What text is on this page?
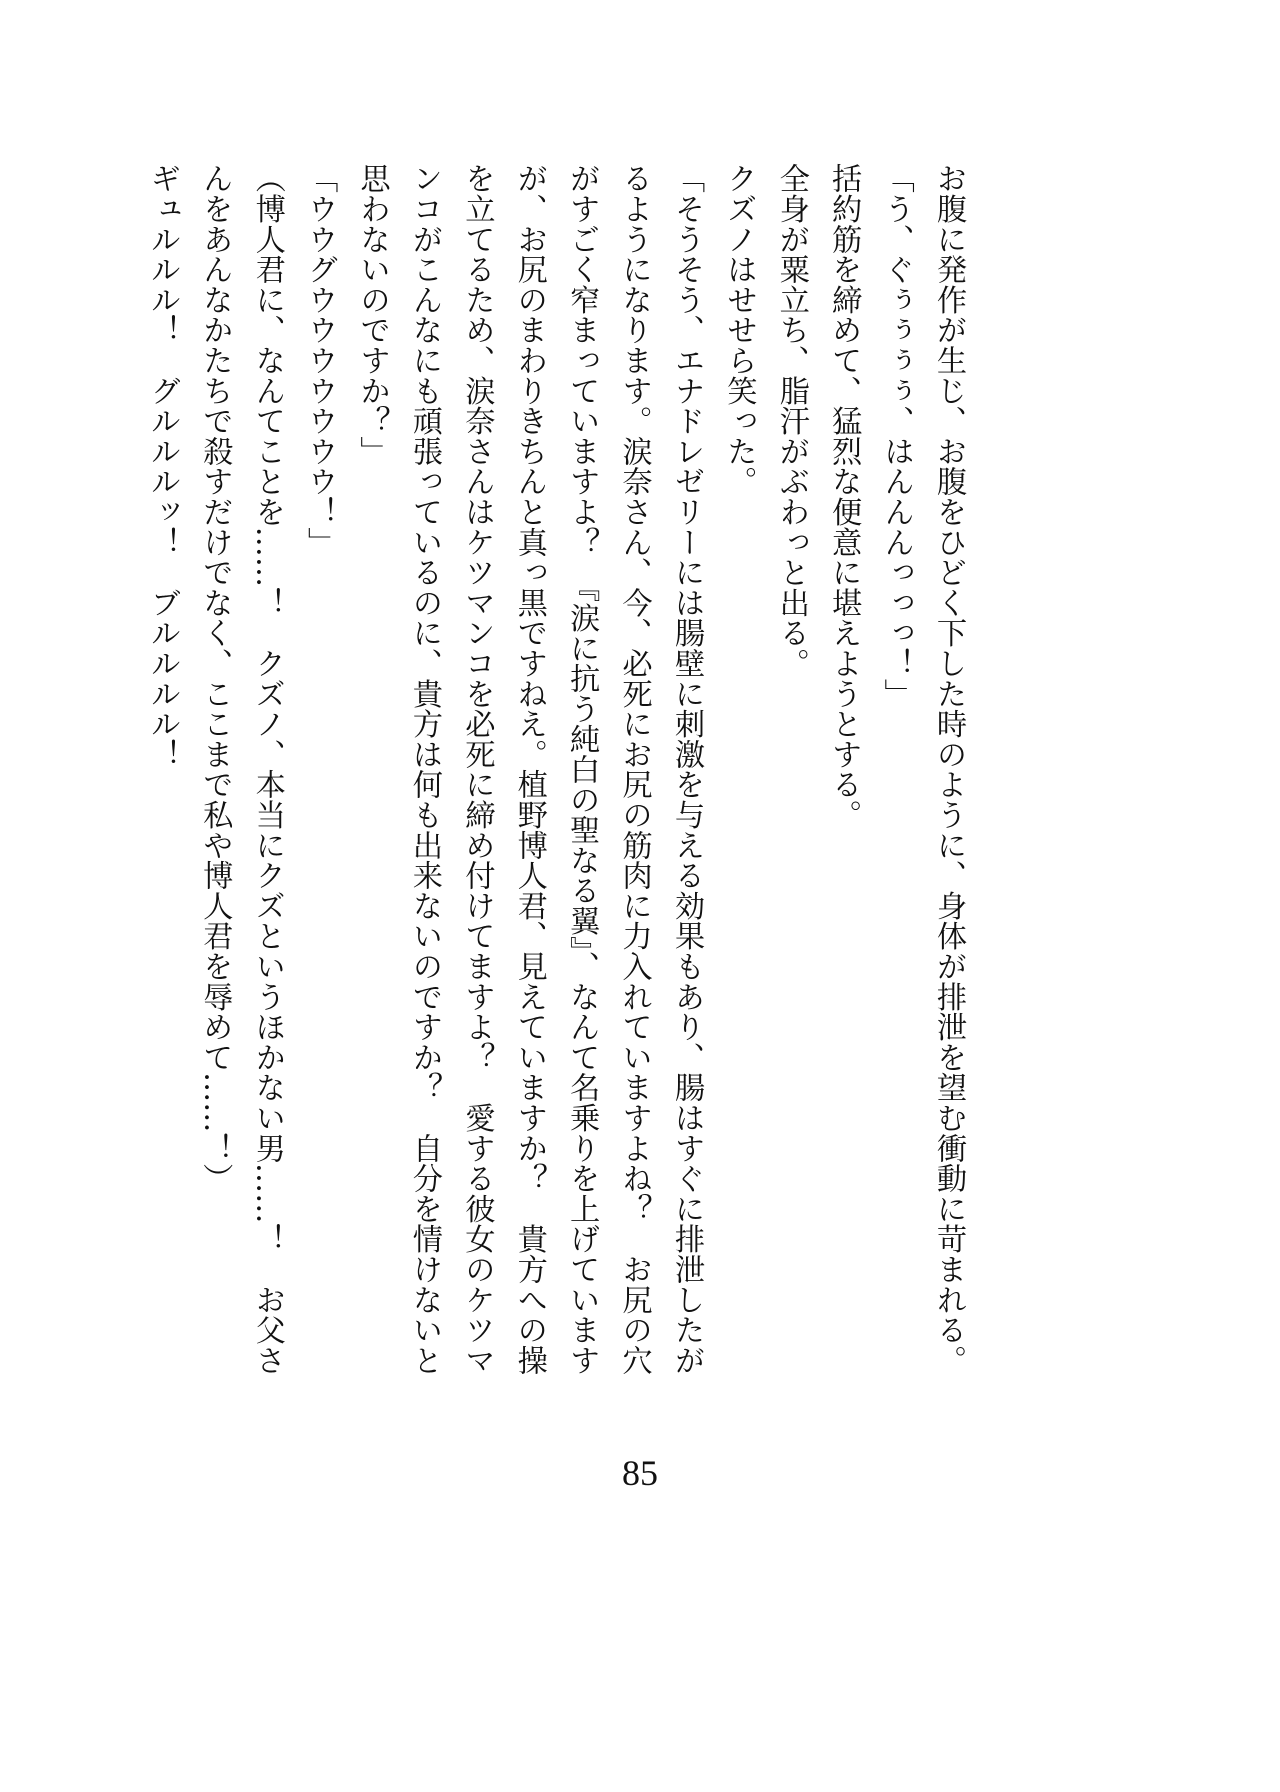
お腹に発作が生じ、お腹をひどく下した時のように、身体が排泄を望む衝動に苛まれる。
「う、ぐぅぅぅぅ、はんんんっっっ！」
括約筋を締めて、猛烈な便意に堪えようとする。
全身が粟立ち、脂汗がぶわっと出る。
クズノはせせら笑った。
「そうそう、エナドレゼリーには腸壁に刺激を与える効果もあり、腸はすぐに排泄したが
るようになります。涙奈さん、今、必死にお尻の筋肉に力入れていますよね？　お尻の穴
がすごく窄まっていますよ？　『涙に抗う純白の聖なる翼』、なんて名乗りを上げています
が、お尻のまわりきちんと真っ黒ですねえ。植野博人君、見えていますか？　貴方への操
を立てるため、涙奈さんはケツマンコを必死に締め付けてますよ？　愛する彼女のケツマ
ンコがこんなにも頑張っているのに、貴方は何も出来ないのですか？　自分を情けないと
思わないのですか？」
「ウウグウウウウウウウ！」
（博人君に、なんてことを……！　クズノ、本当にクズというほかない男……！　お父さ
んをあんなかたちで殺すだけでなく、ここまで私や博人君を辱めて……！）
ギュルルル！　グルルルッ！　ブルルルル！
85
